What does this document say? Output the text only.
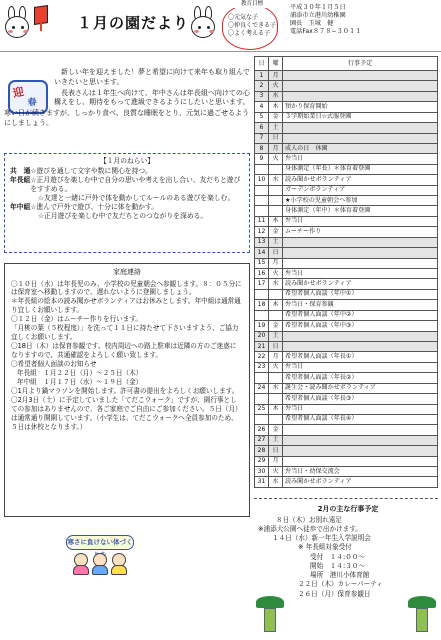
１月の園だより	〇元気な子
〇仲良くできる子
〇よく考える子
教育目標	平成３０年１月５日
浦添市立港川幼稚園
園長　玉城　健
電話Fax８７８−３０１１
迎
春

　新しい年を迎えました！夢と希望に向けて来年も取り組んでいきたいと思います。

　長​表さんは１年生へ向けて、年中さんは年長組へ向けての心構えをし、期待をもって進級できるようにしたいと思います。

寒い日が続きますが、しっかり食べ、良質な睡眠をとり、元気に過ごせるようにしましょう。

【１月のねらい】
共　通 ☆遊びを通して文字や数に関心を持つ。
年長組 ☆正月遊びを楽しむ中で自分の思いや考えを出し合い、友だちと遊びをすすめる。
☆友達と一緒に戸外で体を動かしてルールのある遊びを楽しむ。
年中組 ☆進んで戸外で遊び、十分に体を動かす。
☆正月遊びを楽しむ中で友だちとのつながりを深める。
家庭連絡
〇１０日（水）は年長児のみ、小学校の児童朝会へ参観します。８：０５分には保育室へ移動しますので、遅れないように登園しましょう。
＊年長組の絵本の読み聞かせボランティアはお休みとします。年中組は通常通り宜しくお願いします。
〇１２日（金）はムーチー作りを行います。
「月桃の葉（５枚程度）」を洗って１１日に持たせて下さいますよう、ご協力宜しくお願いします。
〇18日（木）は保育参観です。校内周辺への路上駐車は近隣の方のご迷惑になりますので、共通確認をよろしく願い致します。
〇希望者個人面談のお知らせ
年長組　１月２２日（月）〜２５日（木）
年中組　１月１７日（水）〜１９日（金）
〇1月より鍋マラソンを開始します。許可書の提出をよろしくお願いします。
〇2月3日（土）に予定していました「てだこウォーク」ですが、園行事としての参加はありませんので、各ご家庭でご自由にご参加ください。５日（月）は通常通り開園しています。（小学生は、てだこウォークへ全員参加のため、５日は休校となります。）
寒さに負けない体づく
日	曜	行事予定
1	月	
2	火	
3	水	
4	木	預かり保育開始
5	金	３学期始業日☆式服登園
6	土	
7	日	
8	月	成人の日　休園
9	火	弁当日
		身体測定（年長）＊体育着登園
10	水	読み聞かせボランティア
		ガーデンボランティア
		★小学校の児童朝会へ参加
		身体測定（年中）＊体育着登園
11	木	弁当日
12	金	ムーチー作り
13	土	
14	日	
15	月	
16	火	弁当日
17	水	読み聞かせボランティア
		希望者個人面談（年中①）
18	木	弁当日・保育参観
		希望者個人面談（年中②）
19	金	希望者個人面談（年中③）
20	土	
21	日	
22	月	希望者個人面談（年長①）
23	火	弁当日
		希望者個人面談（年長②）
24	水	誕生会・読み聞かせボランティア
		希望者個人面談（年長③）
25	木	弁当日
		希望者個人面談（年長④）
26	金	
27	土	
28	日	
29	月	
30	火	弁当日・幼保交流会
31	水	読み聞かせボランティア
2月の主な行事予定
８日（木）お別れ遠足
※浦添大公園へ徒歩で出かけます。
１４日（水）新一年生入学説明会
※ 年長組対象受付
受付　１４:００〜
開始　１４:３０〜
場所　港川小体育館
２２日（木）カレーパーティ
２６日（月）保育参観日
